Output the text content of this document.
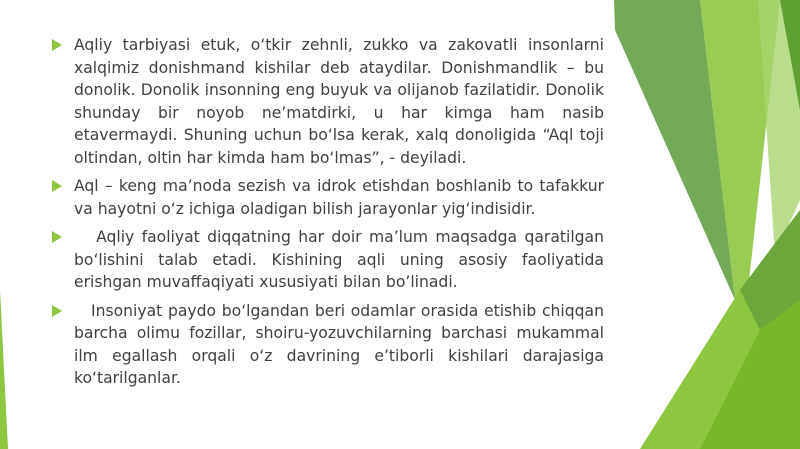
Aqliy tarbiyasi etuk, o‘tkir zehnli, zukko va zakovatli insonlarni xalqimiz donishmand kishilar deb ataydilar. Donishmandlik – bu donolik. Donolik insonning eng buyuk va olijanob fazilatidir. Donolik shunday bir noyob ne’matdirki, u har kimga ham nasib etavermaydi. Shuning uchun bo‘lsa kerak, xalq donoligida “Aql toji oltindan, oltin har kimda ham bo‘lmas”, - deyiladi.

Aql – keng ma’noda sezish va idrok etishdan boshlanib to tafakkur va hayotni o‘z ichiga oladigan bilish jarayonlar yig‘indisidir.

Aqliy faoliyat diqqatning har doir ma’lum maqsadga qaratilgan bo‘lishini talab etadi. Kishining aqli uning asosiy faoliyatida erishgan muvaffaqiyati xususiyati bilan bo’linadi.

Insoniyat paydo bo‘lgandan beri odamlar orasida etishib chiqqan barcha olimu fozillar, shoiru-yozuvchilarning barchasi mukammal ilm egallash orqali o‘z davrining e’tiborli kishilari darajasiga ko‘tarilganlar.
